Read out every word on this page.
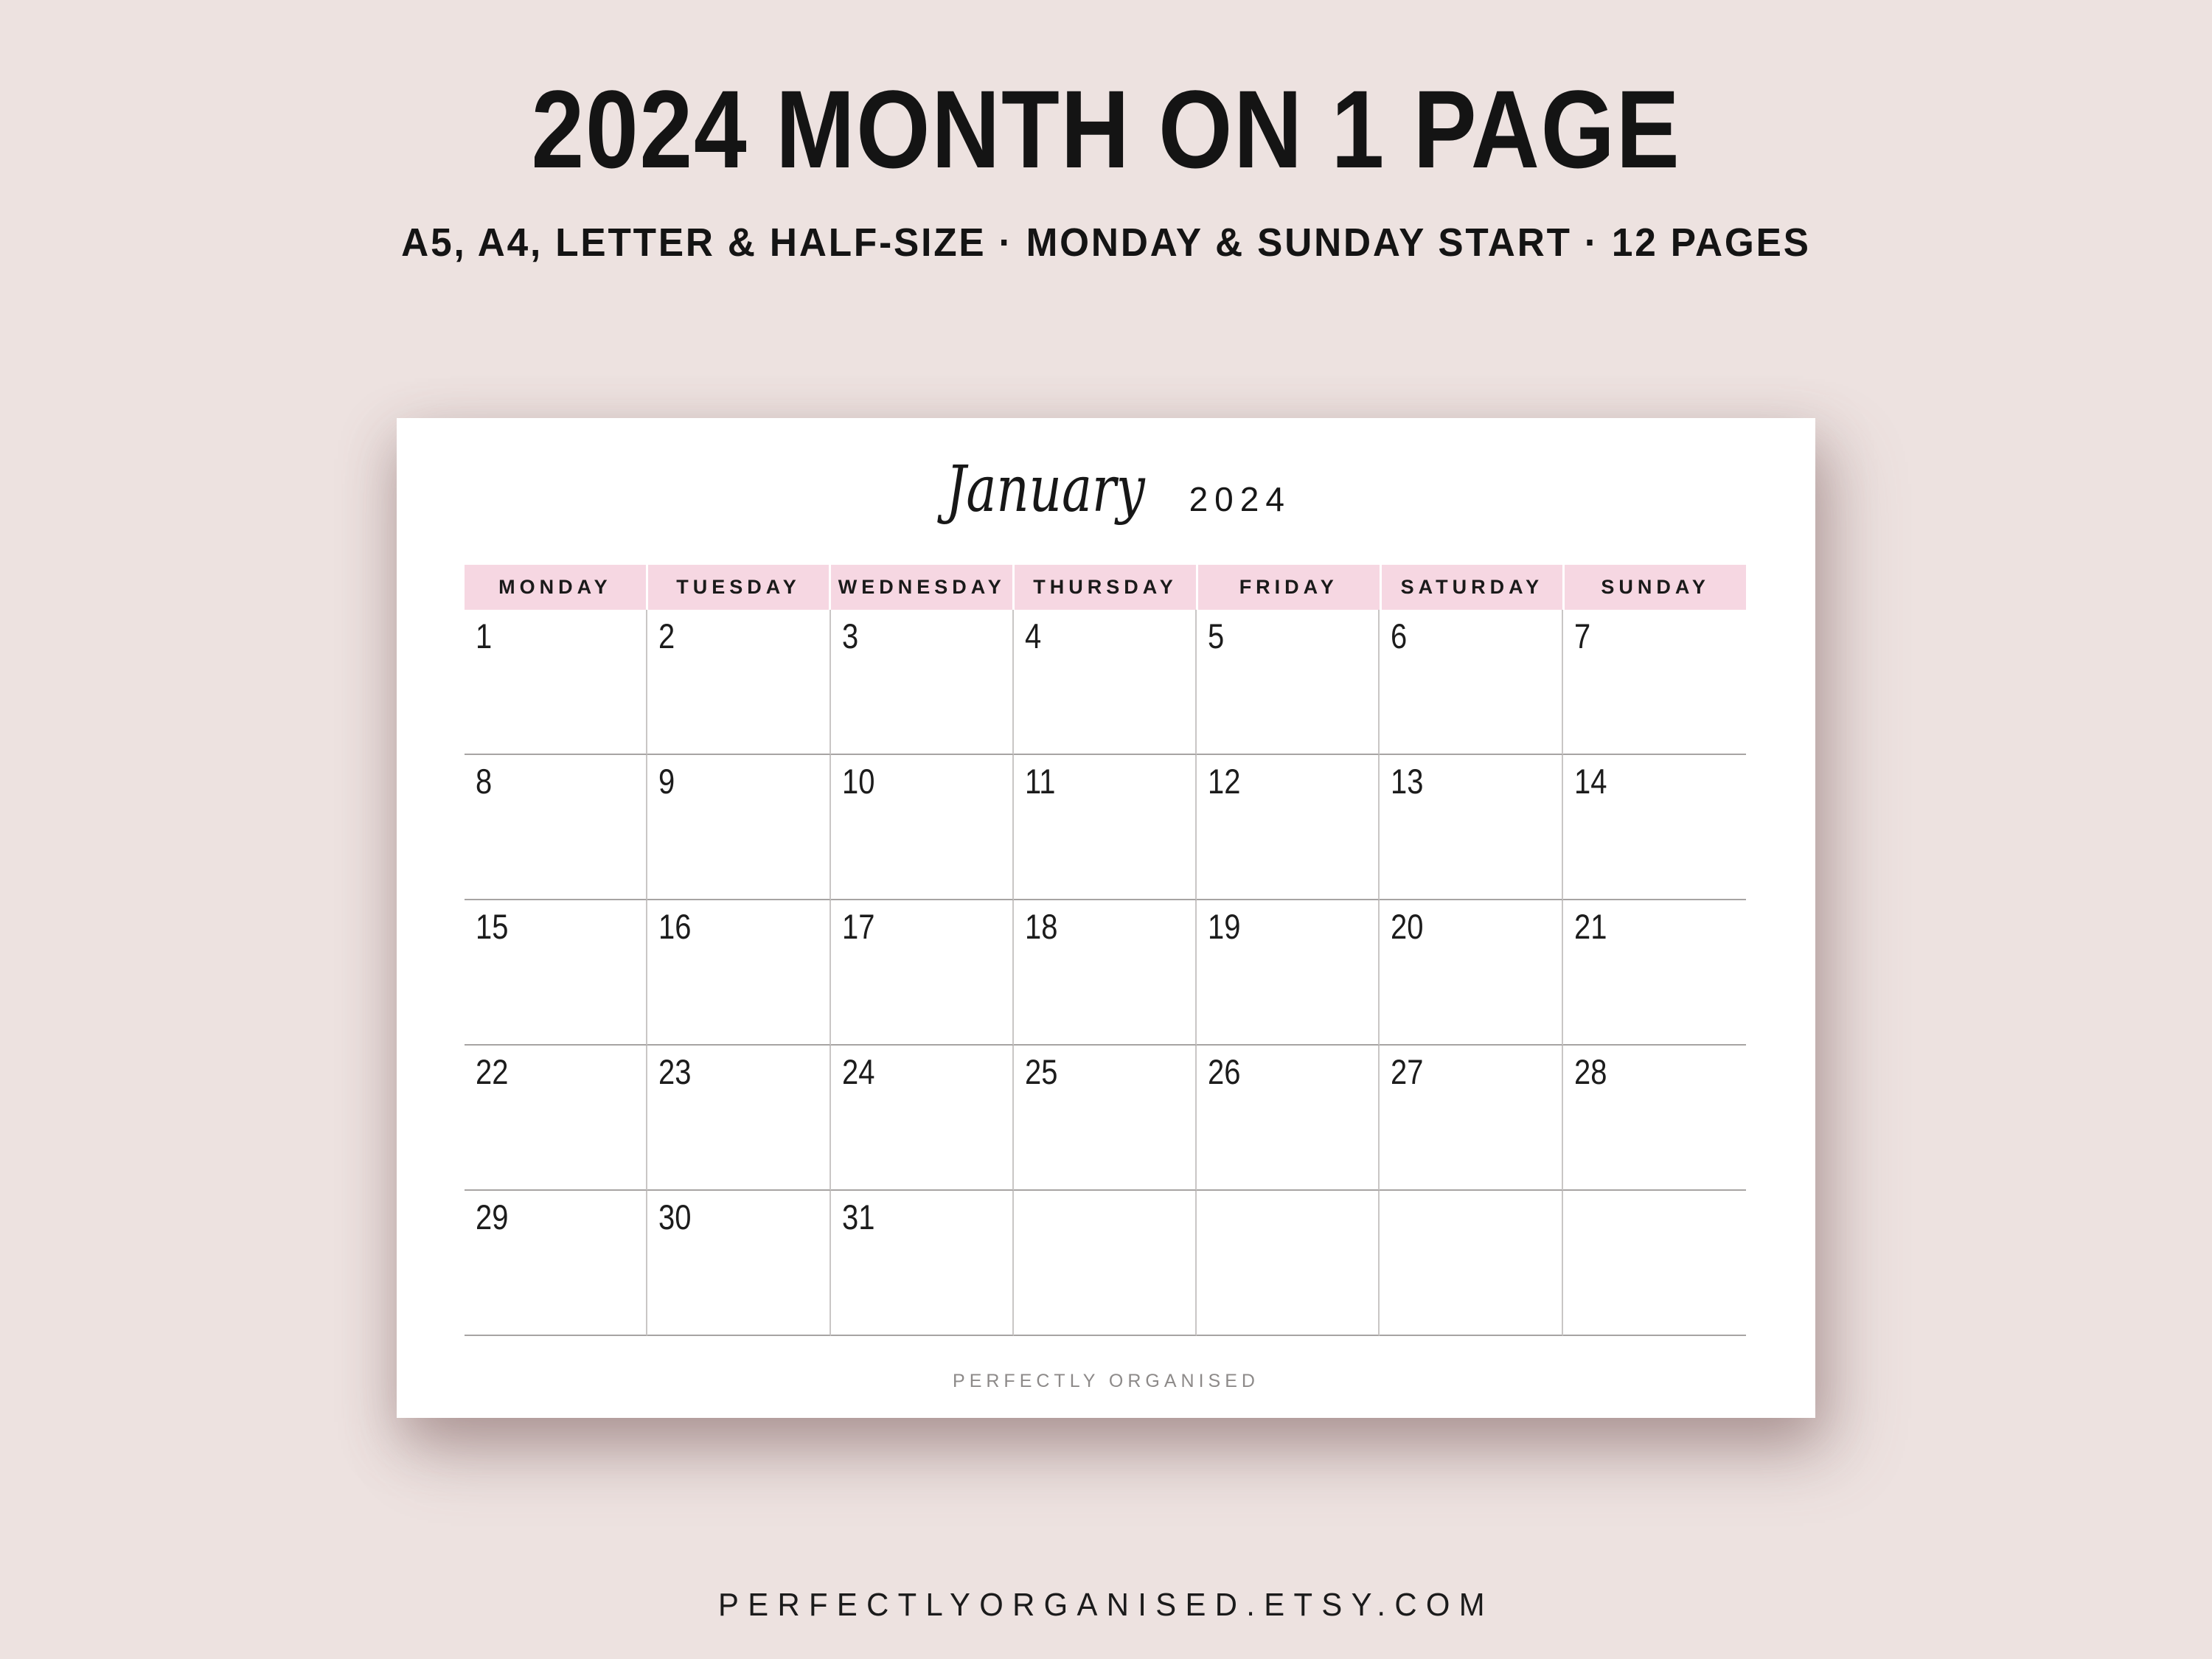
2024 MONTH ON 1 PAGE
A5, A4, LETTER & HALF-SIZE · MONDAY & SUNDAY START · 12 PAGES
January 2024
MONDAY	TUESDAY	WEDNESDAY	THURSDAY	FRIDAY	SATURDAY	SUNDAY
1	2	3	4	5	6	7
8	9	10	11	12	13	14
15	16	17	18	19	20	21
22	23	24	25	26	27	28
29	30	31
PERFECTLY ORGANISED
PERFECTLYORGANISED.ETSY.COM
